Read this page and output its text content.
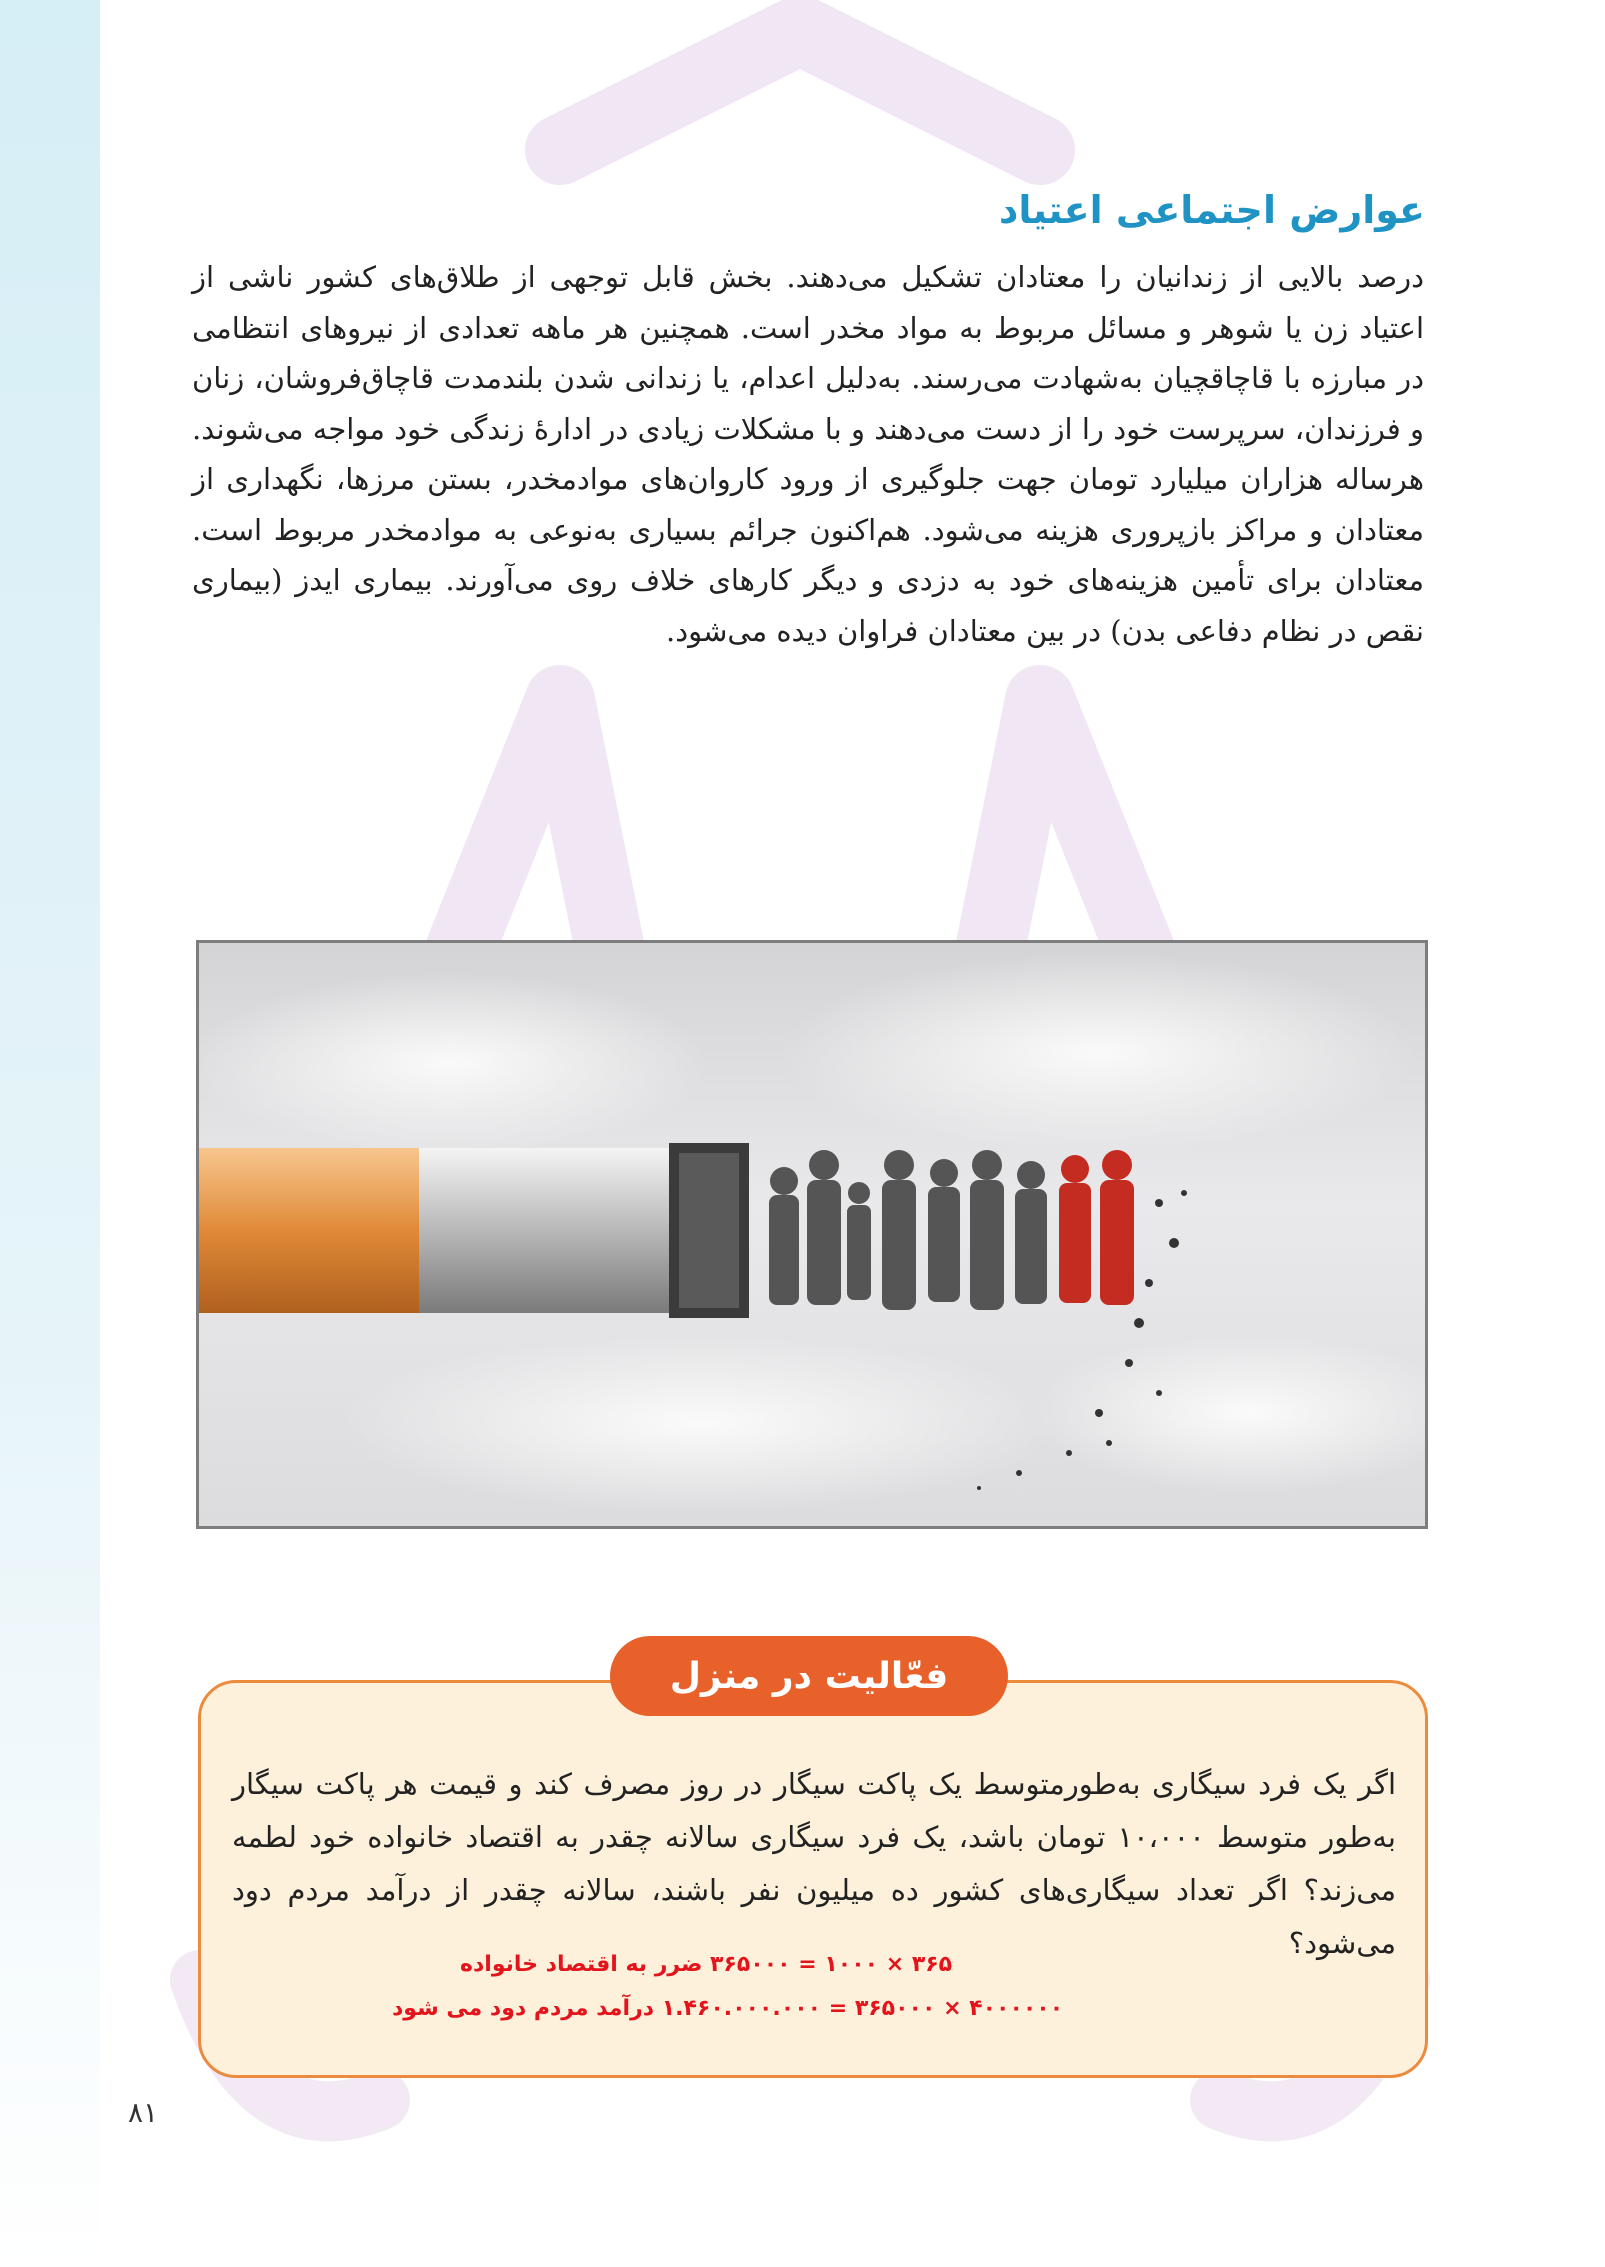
عوارض اجتماعی اعتیاد

درصد بالایی از زندانیان را معتادان تشکیل می‌دهند. بخش قابل توجهی از طلاق‌های کشور ناشی از اعتیاد زن یا شوهر و مسائل مربوط به مواد مخدر است. همچنین هر ماهه تعدادی از نیروهای انتظامی در مبارزه با قاچاقچیان به‌شهادت می‌رسند. به‌دلیل اعدام، یا زندانی شدن بلندمدت قاچاق‌فروشان، زنان و فرزندان، سرپرست خود را از دست می‌دهند و با مشکلات زیادی در ادارهٔ زندگی خود مواجه می‌شوند. هرساله هزاران میلیارد تومان جهت جلوگیری از ورود کاروان‌های موادمخدر، بستن مرزها، نگهداری از معتادان و مراکز بازپروری هزینه می‌شود. هم‌اکنون جرائم بسیاری به‌نوعی به موادمخدر مربوط است. معتادان برای تأمین هزینه‌های خود به دزدی و دیگر کارهای خلاف روی می‌آورند. بیماری ایدز (بیماری نقص در نظام دفاعی بدن) در بین معتادان فراوان دیده می‌شود.

فعّالیت در منزل

اگر یک فرد سیگاری به‌طورمتوسط یک پاکت سیگار در روز مصرف کند و قیمت هر پاکت سیگار به‌طور متوسط ۱۰،۰۰۰ تومان باشد، یک فرد سیگاری سالانه چقدر به اقتصاد خانواده خود لطمه می‌زند؟ اگر تعداد سیگاری‌های کشور ده میلیون نفر باشند، سالانه چقدر از درآمد مردم دود می‌شود؟

۳۶۵ × ۱۰۰۰ = ۳۶۵۰۰۰ ضرر به اقتصاد خانواده
۴۰۰۰۰۰۰ × ۳۶۵۰۰۰ = ۱.۴۶۰.۰۰۰.۰۰۰ درآمد مردم دود می شود
۸۱
